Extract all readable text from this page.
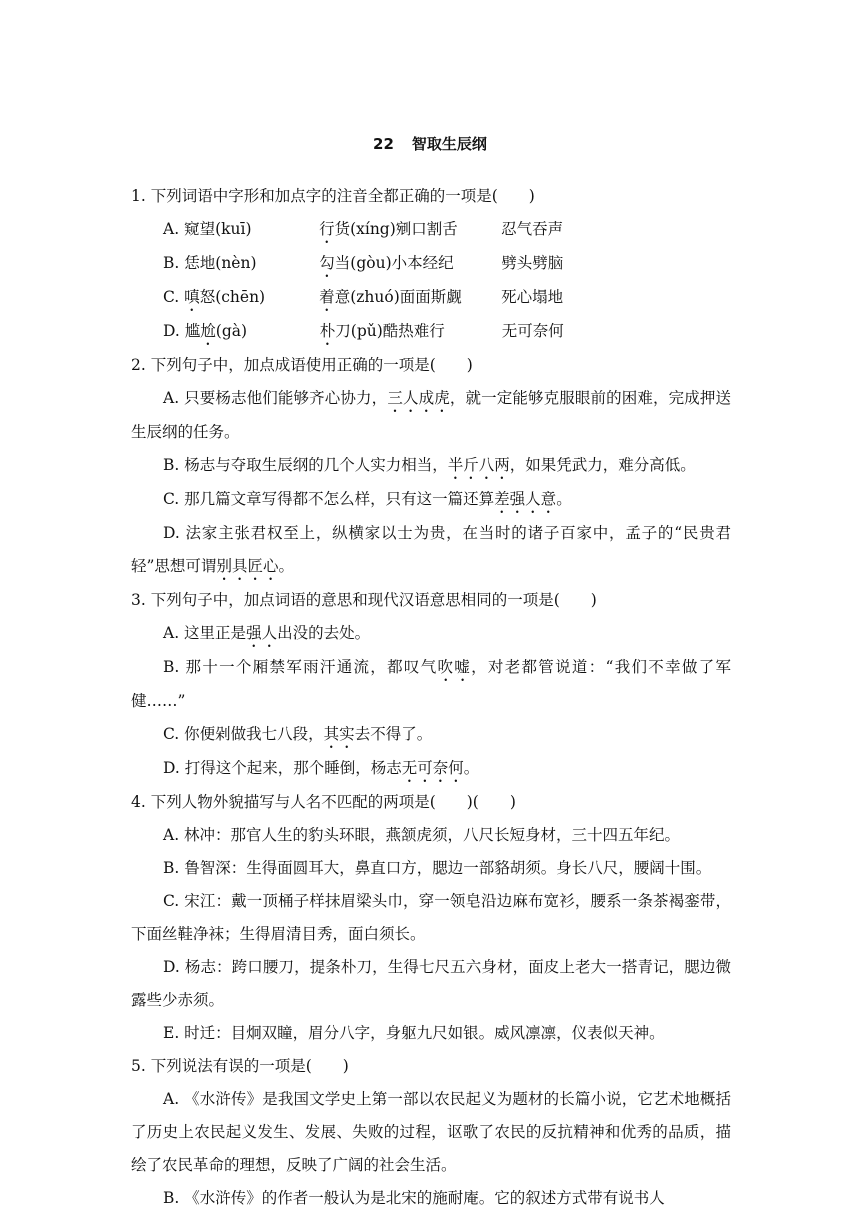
22 智取生辰纲

1. 下列词语中字形和加点字的注音全都正确的一项是(　　)

A. 窥望(kuī)	行货(xíng)剜口割舌	忍气吞声

B. 恁地(nèn)	勾当(gòu)小本经纪	劈头劈脑

C. 嗔怒(chēn)	着意(zhuó)面面斯觑	死心塌地

D. 尴尬(gà)	朴刀(pǔ)酷热难行	无可奈何

2. 下列句子中，加点成语使用正确的一项是(　　)

A. 只要杨志他们能够齐心协力，三人成虎，就一定能够克服眼前的困难，完成押送生辰纲的任务。

B. 杨志与夺取生辰纲的几个人实力相当，半斤八两，如果凭武力，难分高低。

C. 那几篇文章写得都不怎么样，只有这一篇还算差强人意。

D. 法家主张君权至上，纵横家以士为贵，在当时的诸子百家中，孟子的“民贵君轻”思想可谓别具匠心。

3. 下列句子中，加点词语的意思和现代汉语意思相同的一项是(　　)

A. 这里正是强人出没的去处。

B. 那十一个厢禁军雨汗通流，都叹气吹嘘，对老都管说道：“我们不幸做了军健……”

C. 你便剁做我七八段，其实去不得了。

D. 打得这个起来，那个睡倒，杨志无可奈何。

4. 下列人物外貌描写与人名不匹配的两项是(　　)(　　)

A. 林冲：那官人生的豹头环眼，燕颔虎须，八尺长短身材，三十四五年纪。

B. 鲁智深：生得面圆耳大，鼻直口方，腮边一部貉胡须。身长八尺，腰阔十围。

C. 宋江：戴一顶桶子样抹眉梁头巾，穿一领皂沿边麻布宽衫，腰系一条茶褐銮带，下面丝鞋净袜；生得眉清目秀，面白须长。

D. 杨志：跨口腰刀，提条朴刀，生得七尺五六身材，面皮上老大一搭青记，腮边微露些少赤须。

E. 时迁：目炯双瞳，眉分八字，身躯九尺如银。威风凛凛，仪表似天神。

5. 下列说法有误的一项是(　　)

A. 《水浒传》是我国文学史上第一部以农民起义为题材的长篇小说，它艺术地概括了历史上农民起义发生、发展、失败的过程，讴歌了农民的反抗精神和优秀的品质，描绘了农民革命的理想，反映了广阔的社会生活。

B. 《水浒传》的作者一般认为是北宋的施耐庵。它的叙述方式带有说书人
